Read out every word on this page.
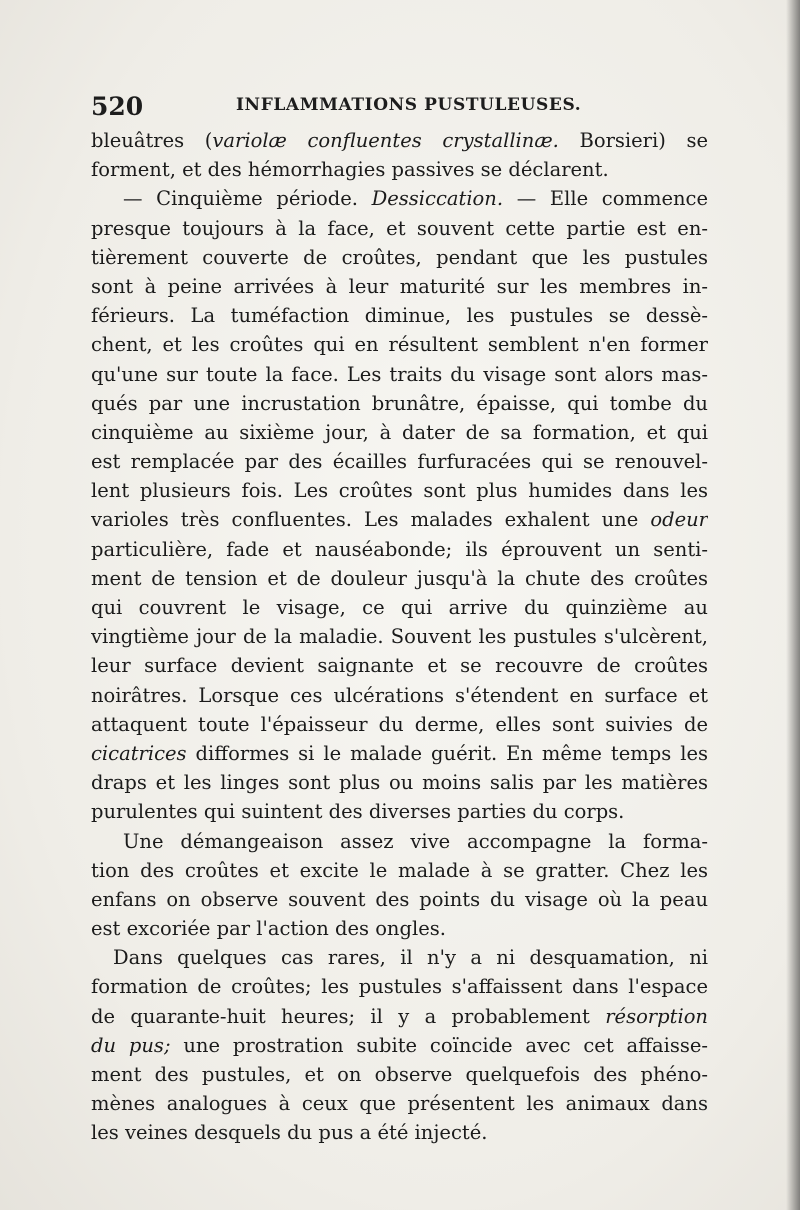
520	INFLAMMATIONS PUSTULEUSES.
bleuâtres (variolæ confluentes crystallinæ. Borsieri) se
forment, et des hémorrhagies passives se déclarent.
— Cinquième période. Dessiccation. — Elle commence
presque toujours à la face, et souvent cette partie est en-
tièrement couverte de croûtes, pendant que les pustules
sont à peine arrivées à leur maturité sur les membres in-
férieurs. La tuméfaction diminue, les pustules se dessè-
chent, et les croûtes qui en résultent semblent n'en former
qu'une sur toute la face. Les traits du visage sont alors mas-
qués par une incrustation brunâtre, épaisse, qui tombe du
cinquième au sixième jour, à dater de sa formation, et qui
est remplacée par des écailles furfuracées qui se renouvel-
lent plusieurs fois. Les croûtes sont plus humides dans les
varioles très confluentes. Les malades exhalent une odeur
particulière, fade et nauséabonde; ils éprouvent un senti-
ment de tension et de douleur jusqu'à la chute des croûtes
qui couvrent le visage, ce qui arrive du quinzième au
vingtième jour de la maladie. Souvent les pustules s'ulcèrent,
leur surface devient saignante et se recouvre de croûtes
noirâtres. Lorsque ces ulcérations s'étendent en surface et
attaquent toute l'épaisseur du derme, elles sont suivies de
cicatrices difformes si le malade guérit. En même temps les
draps et les linges sont plus ou moins salis par les matières
purulentes qui suintent des diverses parties du corps.
Une démangeaison assez vive accompagne la forma-
tion des croûtes et excite le malade à se gratter. Chez les
enfans on observe souvent des points du visage où la peau
est excoriée par l'action des ongles.
Dans quelques cas rares, il n'y a ni desquamation, ni
formation de croûtes; les pustules s'affaissent dans l'espace
de quarante-huit heures; il y a probablement résorption
du pus; une prostration subite coïncide avec cet affaisse-
ment des pustules, et on observe quelquefois des phéno-
mènes analogues à ceux que présentent les animaux dans
les veines desquels du pus a été injecté.
